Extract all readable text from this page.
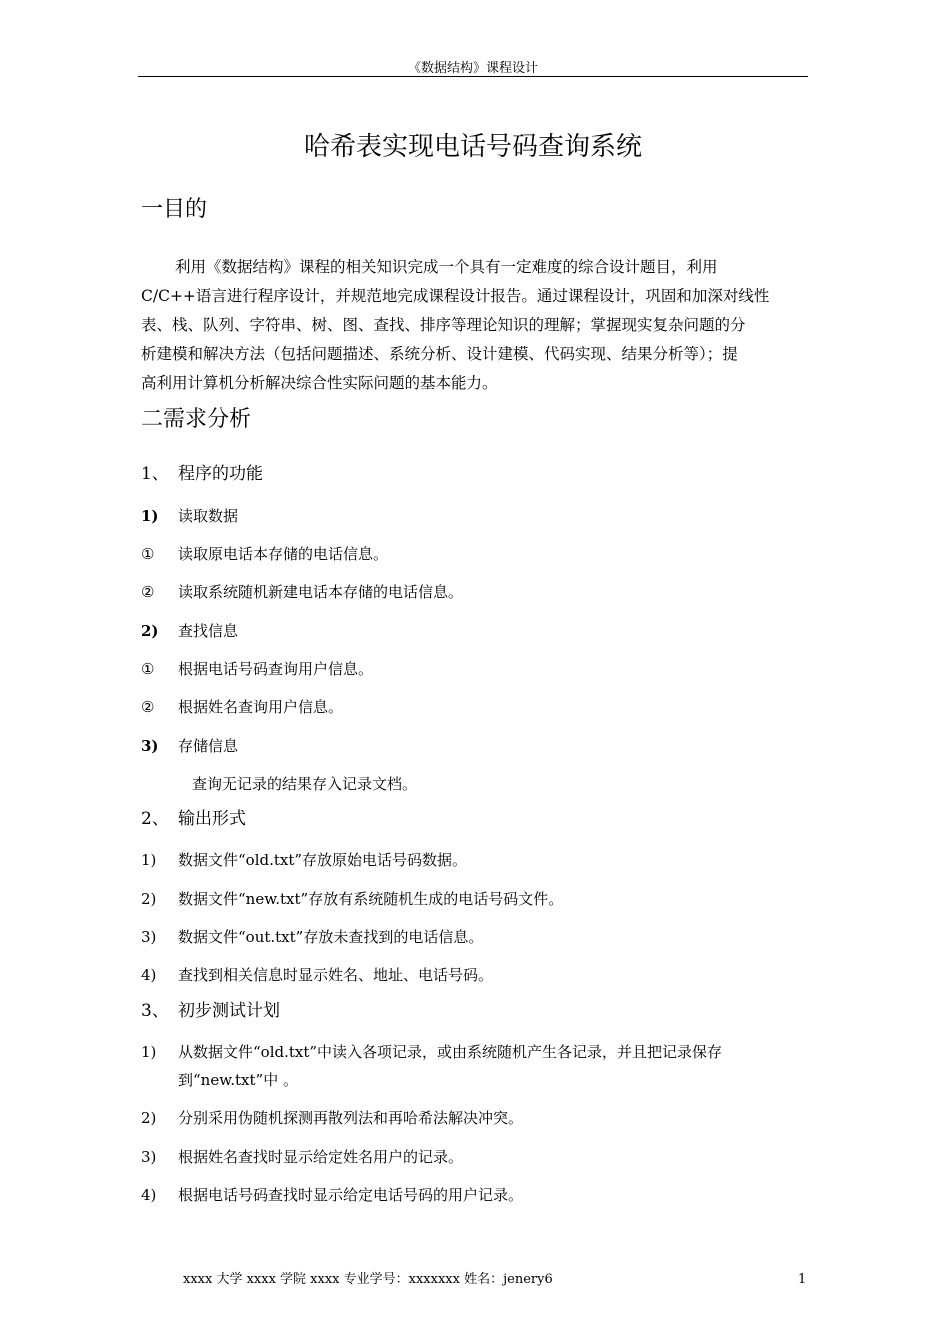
《数据结构》课程设计
哈希表实现电话号码查询系统
一目的
利用《数据结构》课程的相关知识完成一个具有一定难度的综合设计题目，利用
C/C++语言进行程序设计，并规范地完成课程设计报告。通过课程设计，巩固和加深对线性
表、栈、队列、字符串、树、图、查找、排序等理论知识的理解；掌握现实复杂问题的分
析建模和解决方法（包括问题描述、系统分析、设计建模、代码实现、结果分析等）；提
高利用计算机分析解决综合性实际问题的基本能力。
二需求分析
1、 程序的功能
1) 读取数据
① 读取原电话本存储的电话信息。
② 读取系统随机新建电话本存储的电话信息。
2) 查找信息
① 根据电话号码查询用户信息。
② 根据姓名查询用户信息。
3) 存储信息
查询无记录的结果存入记录文档。
2、 输出形式
1) 数据文件“old.txt”存放原始电话号码数据。
2) 数据文件“new.txt”存放有系统随机生成的电话号码文件。
3) 数据文件“out.txt”存放未查找到的电话信息。
4) 查找到相关信息时显示姓名、地址、电话号码。
3、 初步测试计划
1) 从数据文件“old.txt”中读入各项记录，或由系统随机产生各记录，并且把记录保存
到“new.txt”中 。
2) 分别采用伪随机探测再散列法和再哈希法解决冲突。
3) 根据姓名查找时显示给定姓名用户的记录。
4) 根据电话号码查找时显示给定电话号码的用户记录。
xxxx 大学 xxxx 学院 xxxx 专业学号：xxxxxxx 姓名：jenery6	1
